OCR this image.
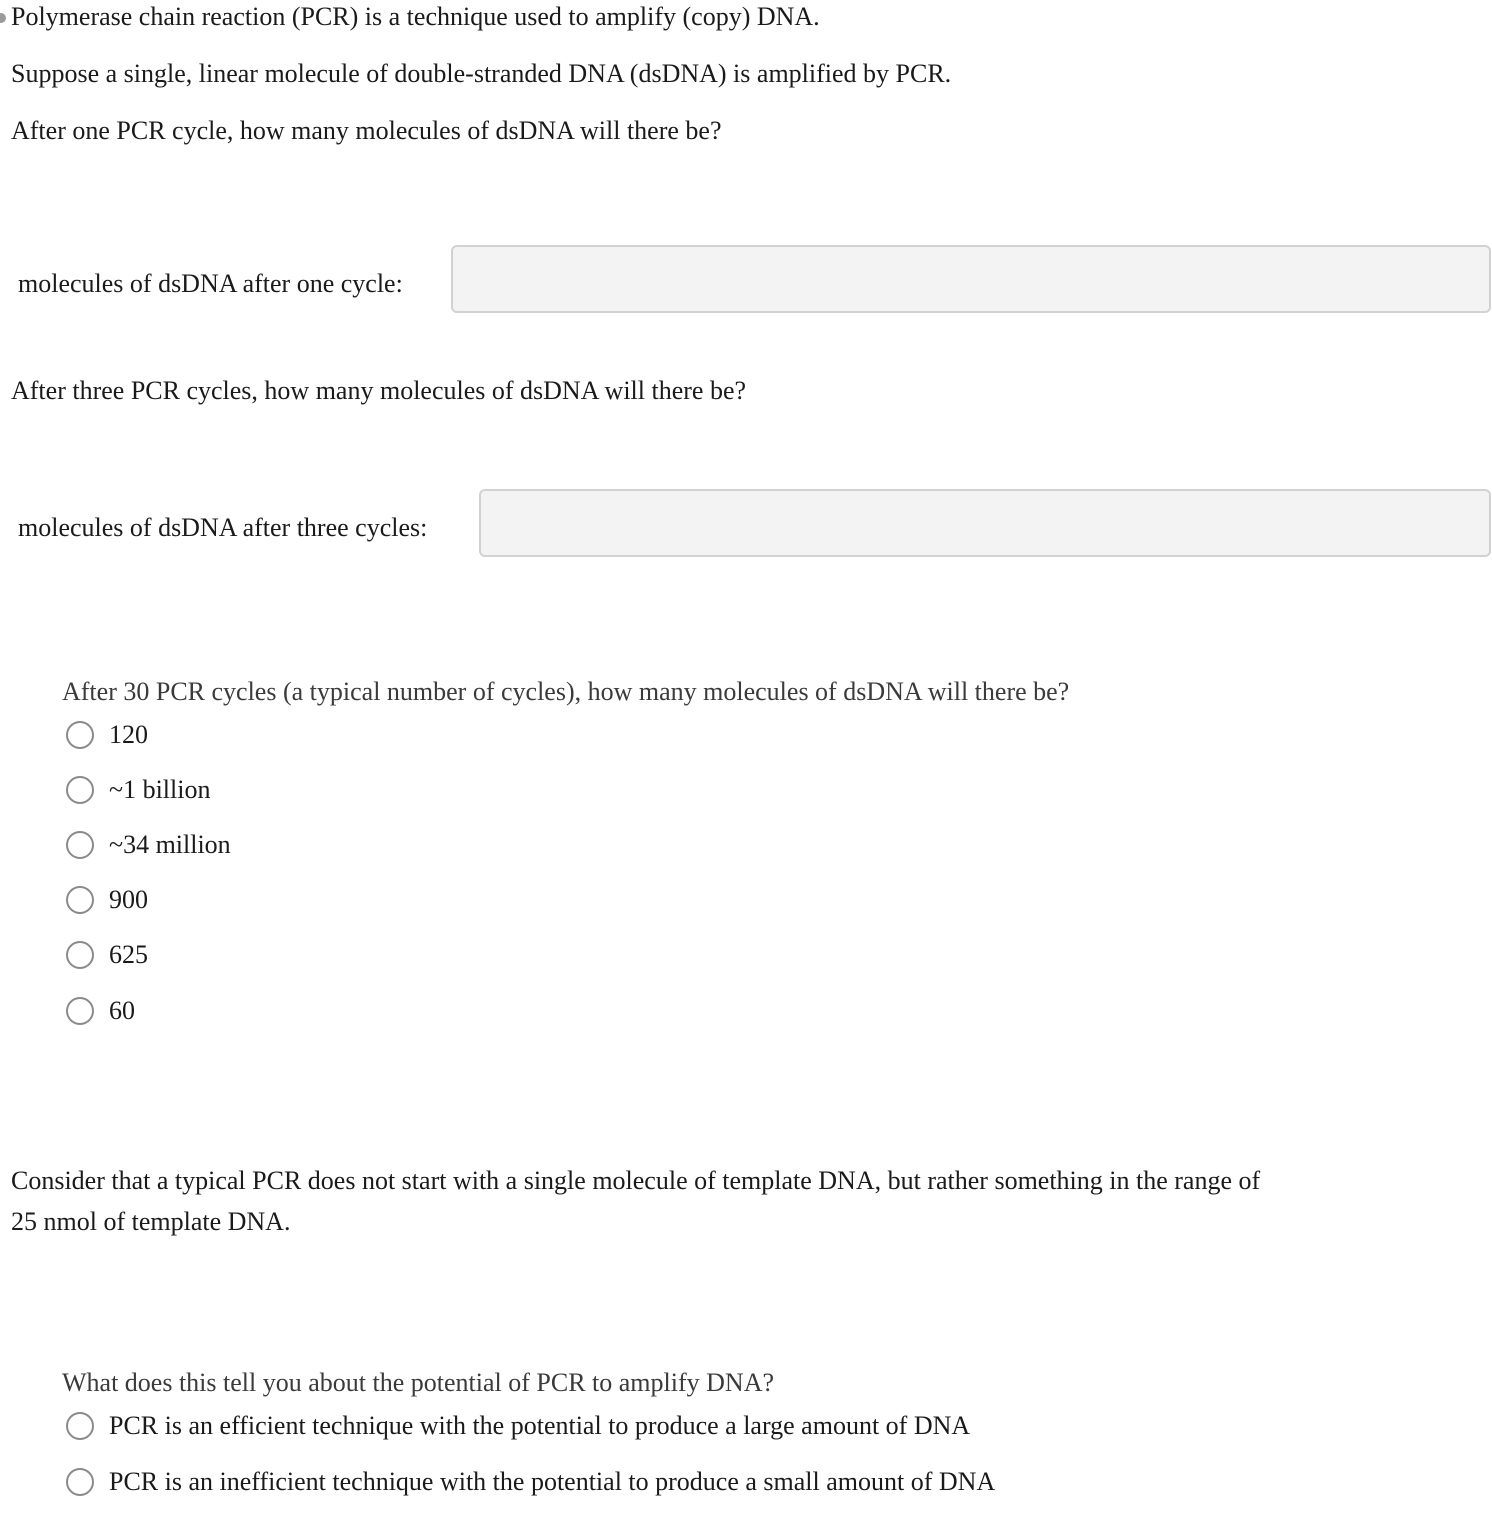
Polymerase chain reaction (PCR) is a technique used to amplify (copy) DNA.

Suppose a single, linear molecule of double-stranded DNA (dsDNA) is amplified by PCR.

After one PCR cycle, how many molecules of dsDNA will there be?

molecules of dsDNA after one cycle:

After three PCR cycles, how many molecules of dsDNA will there be?

molecules of dsDNA after three cycles:
After 30 PCR cycles (a typical number of cycles), how many molecules of dsDNA will there be?
120
~1 billion
~34 million
900
625
60

Consider that a typical PCR does not start with a single molecule of template DNA, but rather something in the range of

25 nmol of template DNA.

What does this tell you about the potential of PCR to amplify DNA?
PCR is an efficient technique with the potential to produce a large amount of DNA
PCR is an inefficient technique with the potential to produce a small amount of DNA
